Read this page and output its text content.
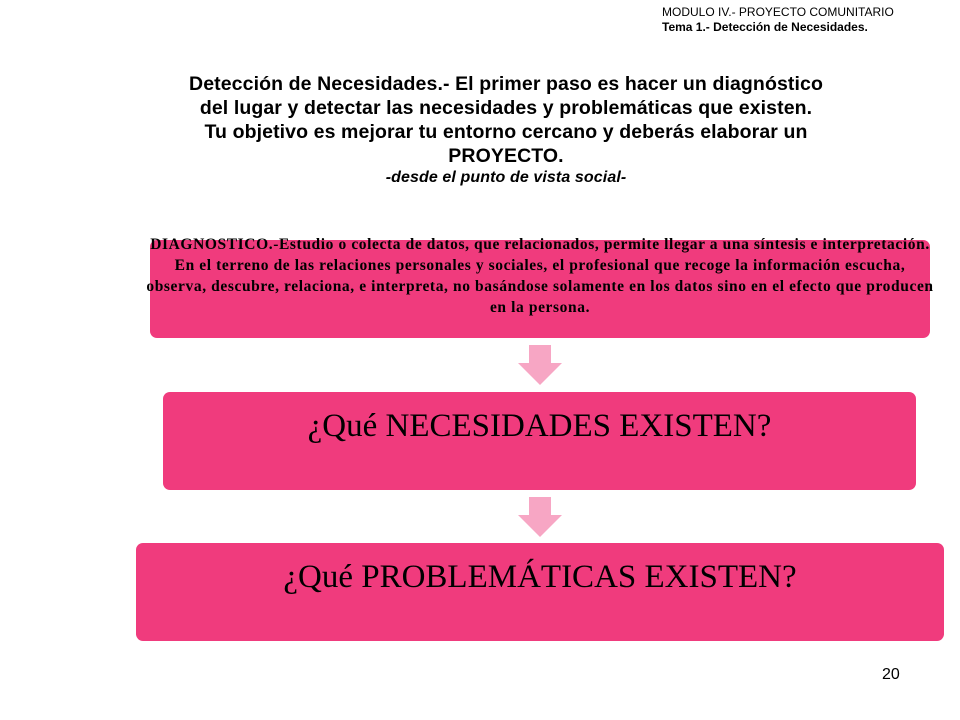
MODULO IV.- PROYECTO COMUNITARIO
Tema 1.- Detección de Necesidades.
Detección de Necesidades.- El primer paso es hacer un diagnóstico
del lugar y detectar las necesidades y problemáticas que existen.
Tu objetivo es mejorar tu entorno cercano y deberás elaborar un
PROYECTO.
-desde el punto de vista social-
DIAGNOSTICO.-Estudio o colecta de datos, que relacionados, permite llegar a una síntesis e interpretación. En el terreno de las relaciones personales y sociales, el profesional que recoge la información escucha, observa, descubre, relaciona, e interpreta, no basándose solamente en los datos sino en el efecto que producen en la persona.
¿Qué NECESIDADES EXISTEN?
¿Qué PROBLEMÁTICAS EXISTEN?
20
